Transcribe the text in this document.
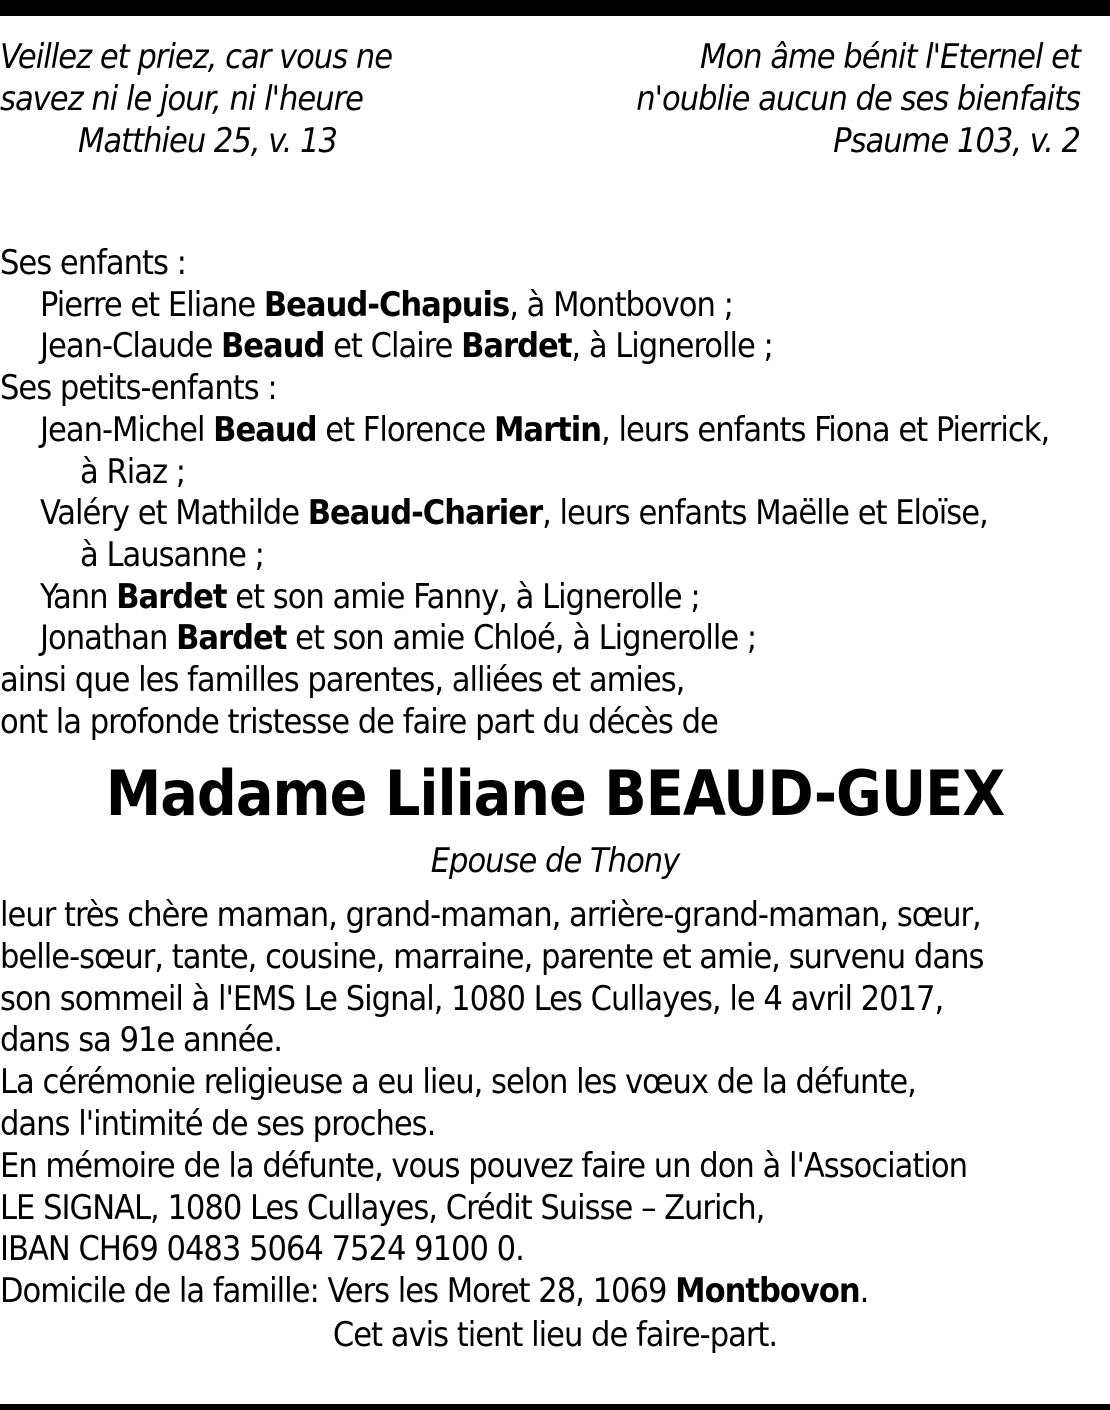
Veillez et priez, car vous ne
savez ni le jour, ni l'heure
Matthieu 25, v. 13
Mon âme bénit l'Eternel et
n'oublie aucun de ses bienfaits
Psaume 103, v. 2
Ses enfants :
Pierre et Eliane Beaud-Chapuis, à Montbovon ;
Jean-Claude Beaud et Claire Bardet, à Lignerolle ;
Ses petits-enfants :
Jean-Michel Beaud et Florence Martin, leurs enfants Fiona et Pierrick,
à Riaz ;
Valéry et Mathilde Beaud-Charier, leurs enfants Maëlle et Eloïse,
à Lausanne ;
Yann Bardet et son amie Fanny, à Lignerolle ;
Jonathan Bardet et son amie Chloé, à Lignerolle ;
ainsi que les familles parentes, alliées et amies,
ont la profonde tristesse de faire part du décès de
Madame Liliane BEAUD-GUEX
Epouse de Thony
leur très chère maman, grand-maman, arrière-grand-maman, sœur,
belle-sœur, tante, cousine, marraine, parente et amie, survenu dans
son sommeil à l'EMS Le Signal, 1080 Les Cullayes, le 4 avril 2017,
dans sa 91e année.
La cérémonie religieuse a eu lieu, selon les vœux de la défunte,
dans l'intimité de ses proches.
En mémoire de la défunte, vous pouvez faire un don à l'Association
LE SIGNAL, 1080 Les Cullayes, Crédit Suisse – Zurich,
IBAN CH69 0483 5064 7524 9100 0.
Domicile de la famille: Vers les Moret 28, 1069 Montbovon.
Cet avis tient lieu de faire-part.
